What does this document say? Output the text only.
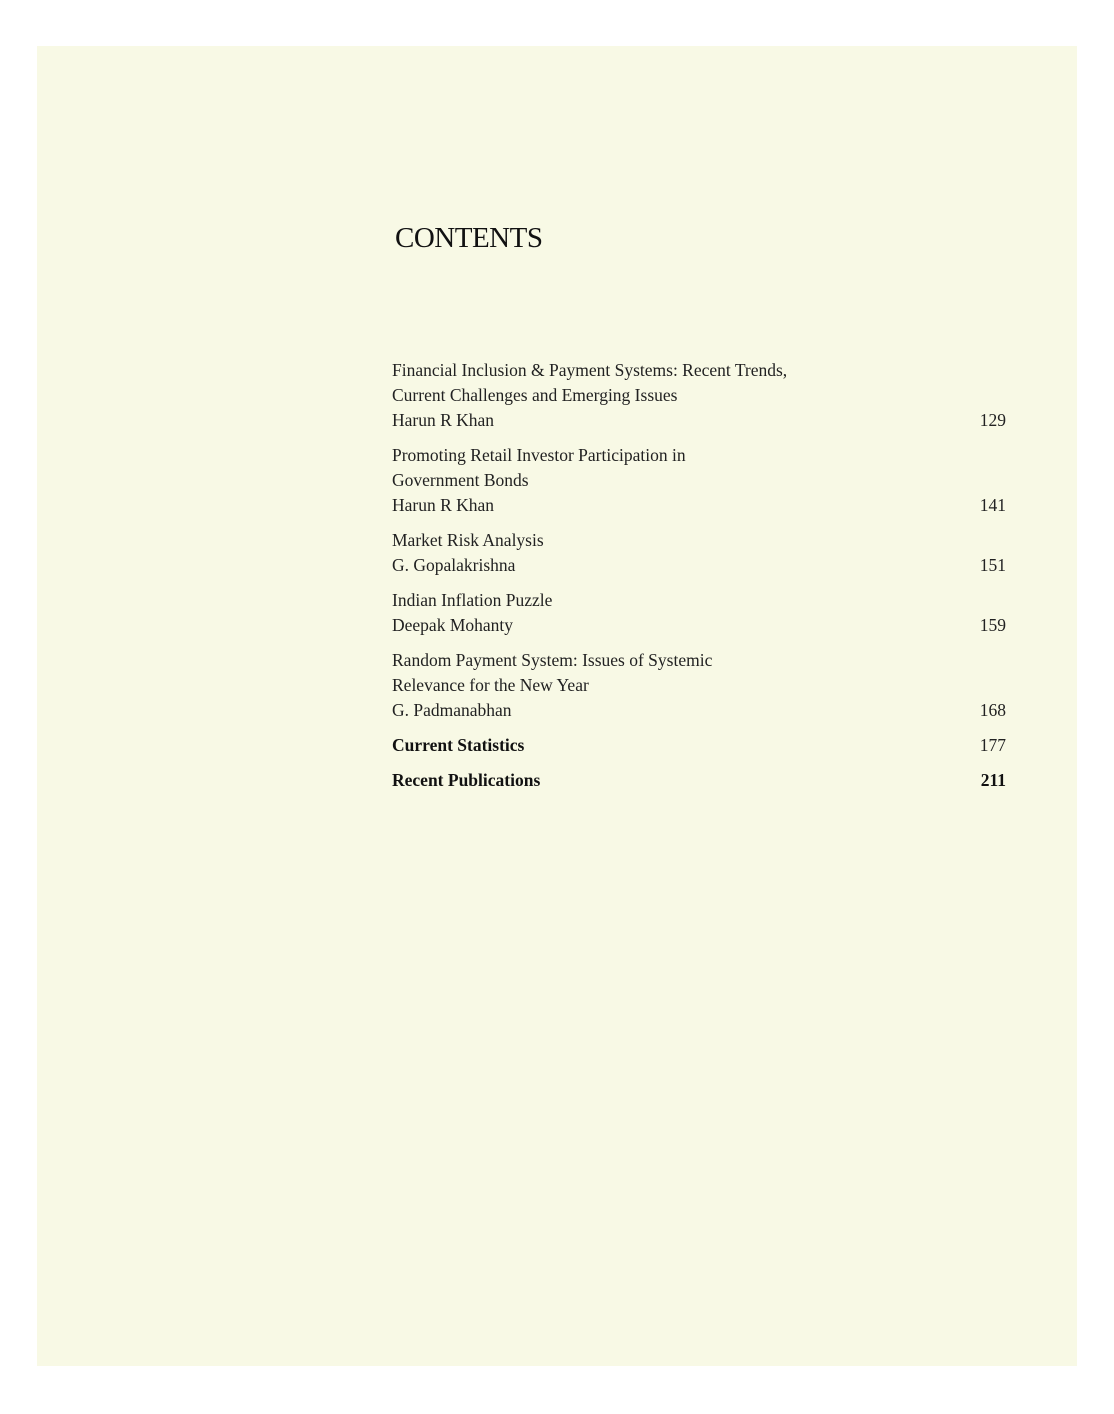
CONTENTS
Financial Inclusion & Payment Systems: Recent Trends,
Current Challenges and Emerging Issues
Harun R Khan	129
Promoting Retail Investor Participation in
Government Bonds
Harun R Khan	141
Market Risk Analysis
G. Gopalakrishna	151
Indian Inflation Puzzle
Deepak Mohanty	159
Random Payment System: Issues of Systemic
Relevance for the New Year
G. Padmanabhan	168
Current Statistics	177
Recent Publications	211
